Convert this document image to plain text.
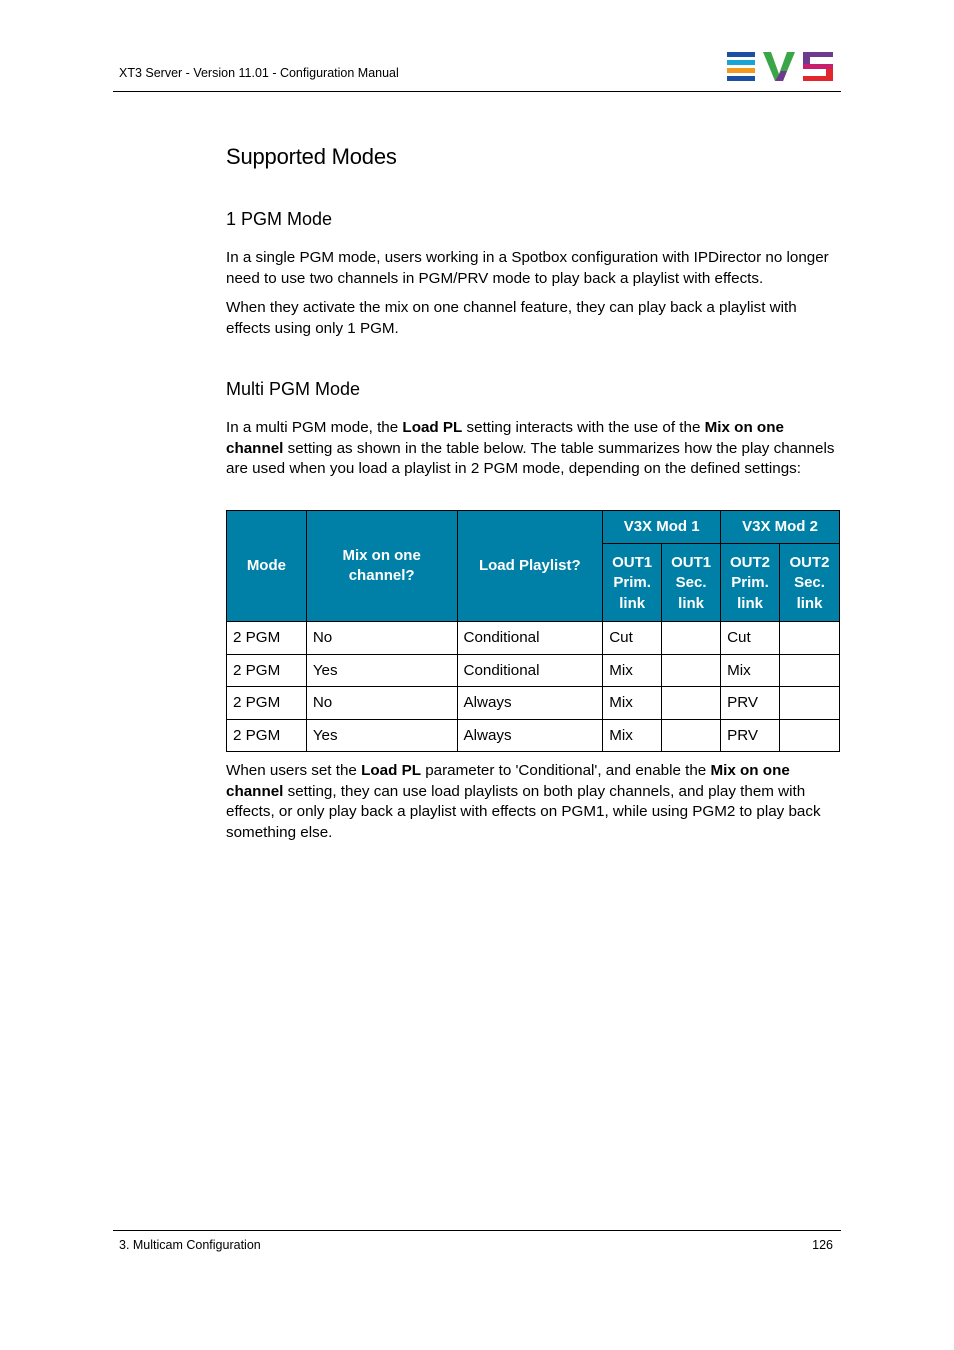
XT3 Server - Version 11.01 - Configuration Manual
Supported Modes
1 PGM Mode

In a single PGM mode, users working in a Spotbox configuration with IPDirector no longer need to use two channels in PGM/PRV mode to play back a playlist with effects.

When they activate the mix on one channel feature, they can play back a playlist with effects using only 1 PGM.

Multi PGM Mode

In a multi PGM mode, the Load PL setting interacts with the use of the Mix on one channel setting as shown in the table below. The table summarizes how the play channels are used when you load a playlist in 2 PGM mode, depending on the defined settings:

Mode	Mix on one channel?	Load Playlist?	V3X Mod 1		V3X Mod 2	

			OUT1 Prim. link	OUT1 Sec. link	OUT2 Prim. link	OUT2 Sec. link

2 PGM	No	Conditional	Cut		Cut	
2 PGM	Yes	Conditional	Mix		Mix	
2 PGM	No	Always	Mix		PRV	
2 PGM	Yes	Always	Mix		PRV	

When users set the Load PL parameter to 'Conditional', and enable the Mix on one channel setting, they can use load playlists on both play channels, and play them with effects, or only play back a playlist with effects on PGM1, while using PGM2 to play back something else.

3. Multicam Configuration	126
